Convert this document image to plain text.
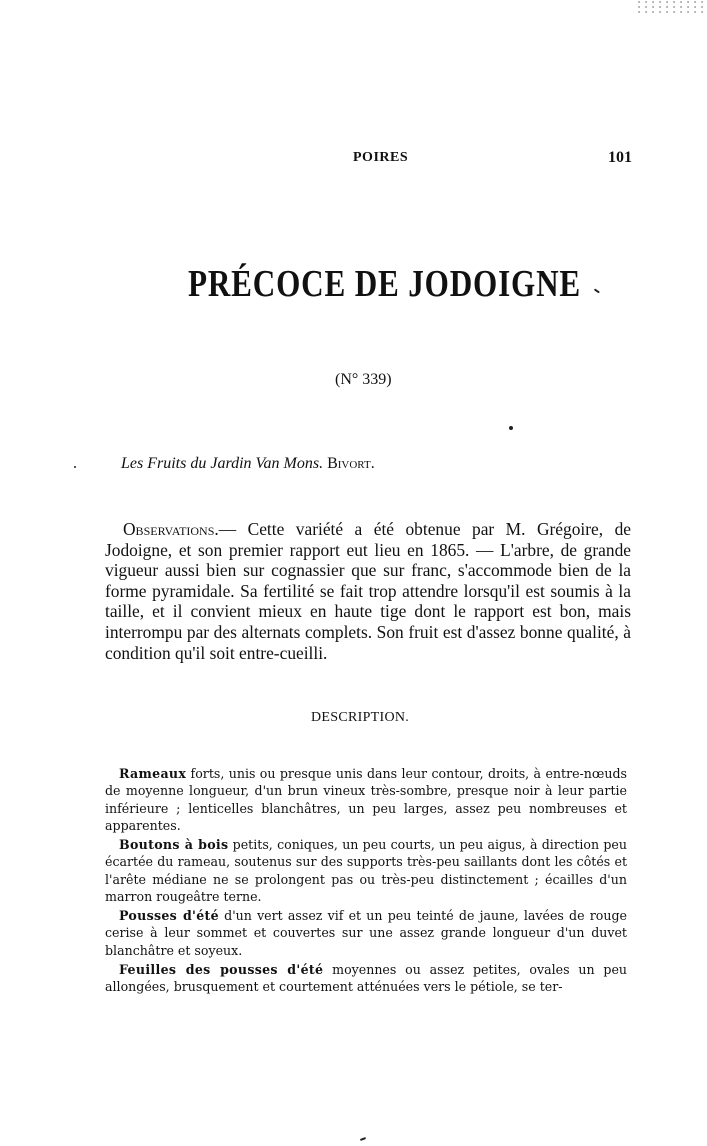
POIRES	101
PRÉCOCE DE JODOIGNE
(N° 339)
Les Fruits du Jardin Van Mons. Bivort.
Observations.— Cette variété a été obtenue par M. Grégoire, de Jodoigne, et son premier rapport eut lieu en 1865. — L'arbre, de grande vigueur aussi bien sur cognassier que sur franc, s'accommode bien de la forme pyramidale. Sa fertilité se fait trop attendre lorsqu'il est soumis à la taille, et il convient mieux en haute tige dont le rapport est bon, mais interrompu par des alternats complets. Son fruit est d'assez bonne qualité, à condition qu'il soit entre-cueilli.
DESCRIPTION.
Rameaux forts, unis ou presque unis dans leur contour, droits, à entre-nœuds de moyenne longueur, d'un brun vineux très-sombre, presque noir à leur partie inférieure ; lenticelles blanchâtres, un peu larges, assez peu nombreuses et apparentes.
Boutons à bois petits, coniques, un peu courts, un peu aigus, à direction peu écartée du rameau, soutenus sur des supports très-peu saillants dont les côtés et l'arête médiane ne se prolongent pas ou très-peu distinctement ; écailles d'un marron rougeâtre terne.
Pousses d'été d'un vert assez vif et un peu teinté de jaune, lavées de rouge cerise à leur sommet et couvertes sur une assez grande longueur d'un duvet blanchâtre et soyeux.
Feuilles des pousses d'été moyennes ou assez petites, ovales un peu allongées, brusquement et courtement atténuées vers le pétiole, se ter-
